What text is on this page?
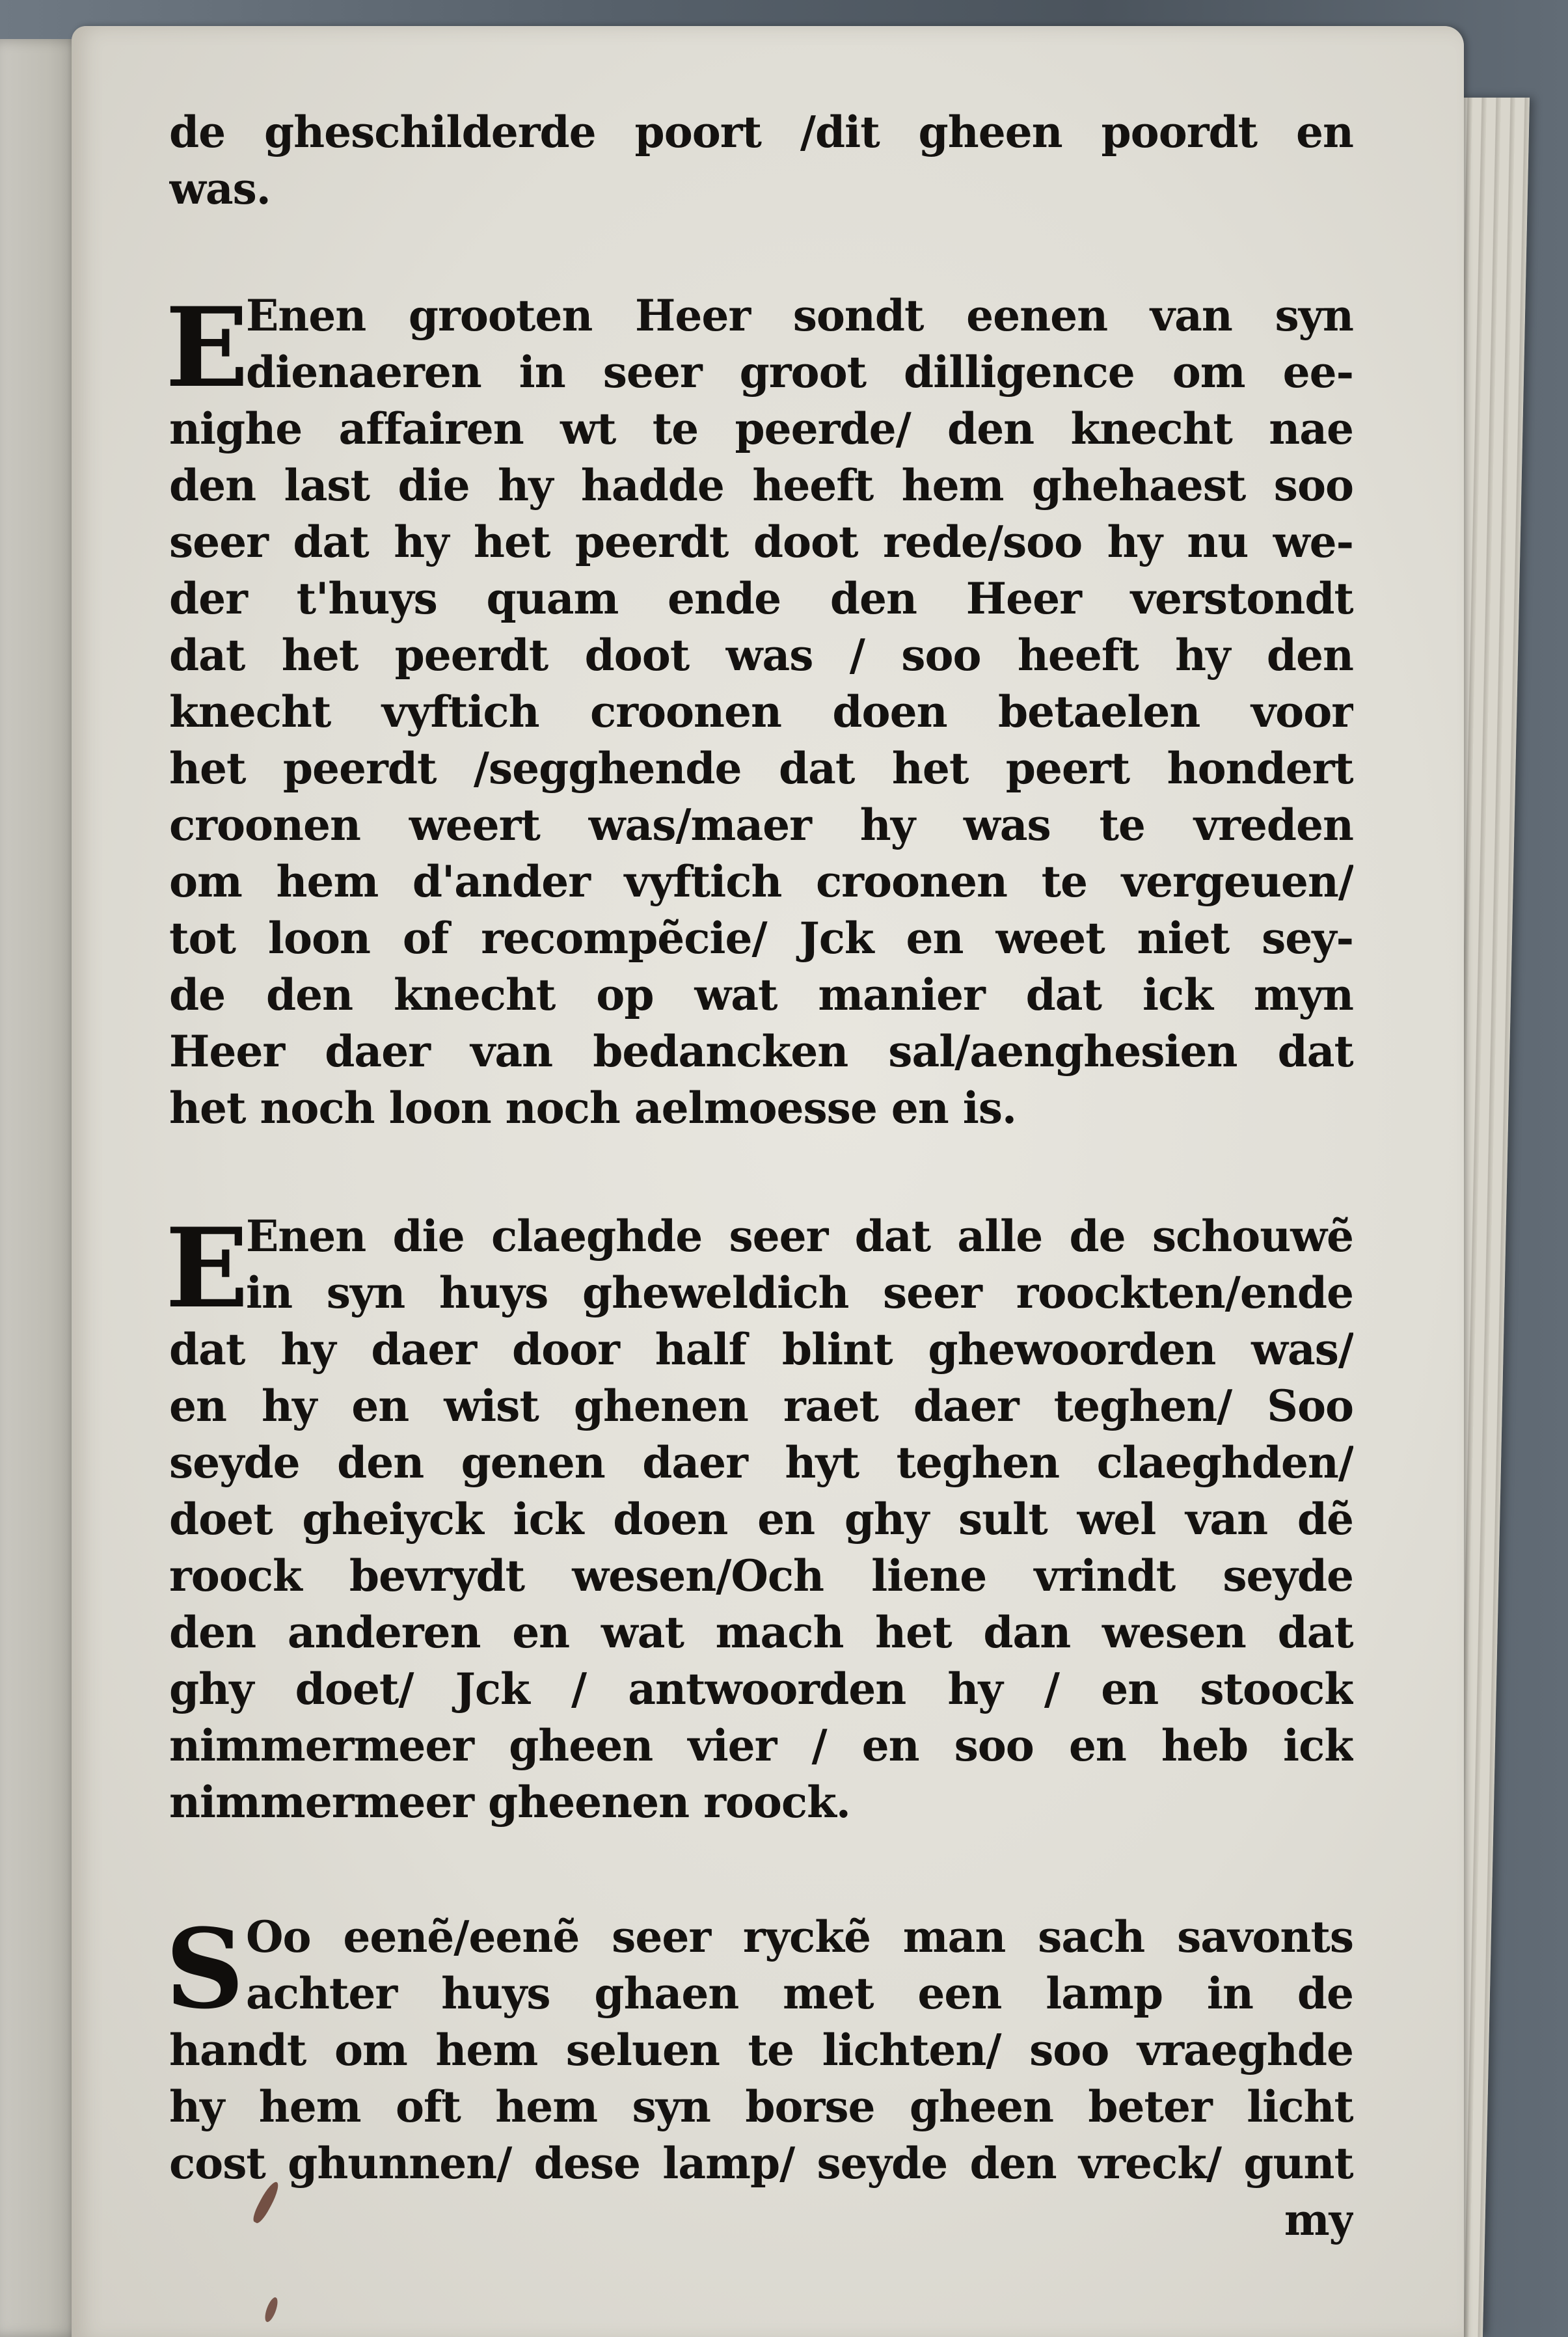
de gheschilderde poort /dit gheen poordt en
was.
E
Enen grooten Heer sondt eenen van syn
dienaeren in seer groot dilligence om ee-
nighe affairen wt te peerde/ den knecht nae
den last die hy hadde heeft hem ghehaest soo
seer dat hy het peerdt doot rede/soo hy nu we-
der t'huys quam ende den Heer verstondt
dat het peerdt doot was / soo heeft hy den
knecht vyftich croonen doen betaelen voor
het peerdt /segghende dat het peert hondert
croonen weert was/maer hy was te vreden
om hem d'ander vyftich croonen te vergeuen/
tot loon of recompẽcie/ Jck en weet niet sey-
de den knecht op wat manier dat ick myn
Heer daer van bedancken sal/aenghesien dat
het noch loon noch aelmoesse en is.
E
Enen die claeghde seer dat alle de schouwẽ
in syn huys gheweldich seer roockten/ende
dat hy daer door half blint ghewoorden was/
en hy en wist ghenen raet daer teghen/ Soo
seyde den genen daer hyt teghen claeghden/
doet gheiyck ick doen en ghy sult wel van dẽ
roock bevrydt wesen/Och liene vrindt seyde
den anderen en wat mach het dan wesen dat
ghy doet/ Jck / antwoorden hy / en stoock
nimmermeer gheen vier / en soo en heb ick
nimmermeer gheenen roock.
S Oo eenẽ/eenẽ seer ryckẽ man sach savonts
achter huys ghaen met een lamp in de
handt om hem seluen te lichten/ soo vraeghde
hy hem oft hem syn borse gheen beter licht
cost ghunnen/ dese lamp/ seyde den vreck/ gunt
my
